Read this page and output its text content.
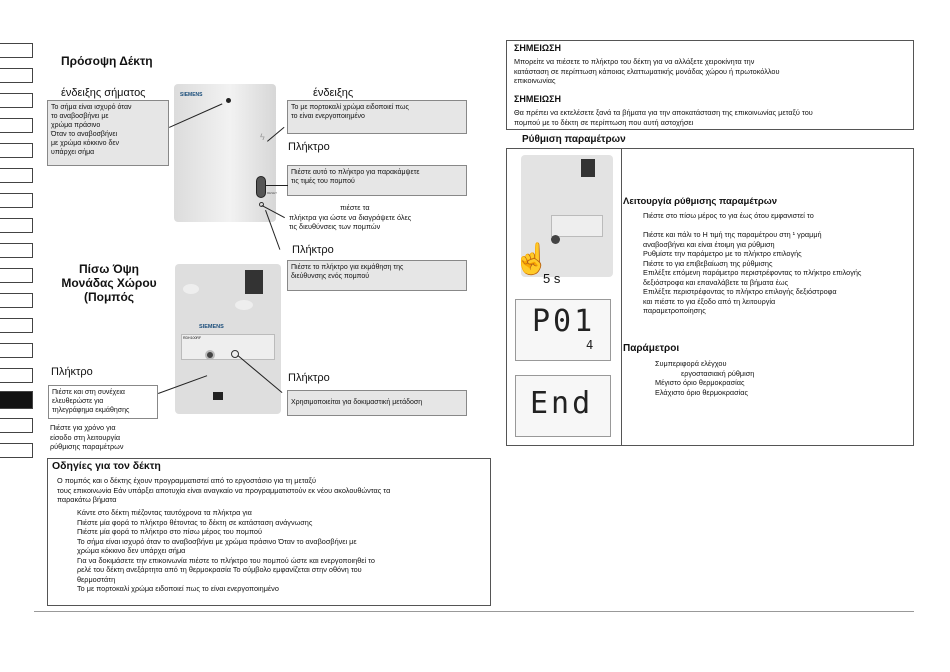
Πρόσοψη Δέκτη
SIEMENS
ϟ
RESET
ένδειξης σήματος
Το σήμα είναι ισχυρό όταν
το αναβοσβήνει με
χρώμα πράσινο
Όταν το αναβοσβήνει
με χρώμα κόκκινο δεν
υπάρχει σήμα
ένδειξης
Το με πορτοκαλί χρώμα ειδοποιεί πως
το είναι ενεργοποιημένο
Πλήκτρο
Πιέστε αυτό το πλήκτρο για παρακάμψετε
τις τιμές του πομπού
πιέστε τα
πλήκτρα για ώστε να διαγράψετε όλες
τις διευθύνσεις των πομπών
Πλήκτρο
Πιέστε το πλήκτρο για εκμάθηση της
διεύθυνσης ενός πομπού
Πίσω Όψη
Μονάδας Χώρου
(Πομπός
SIEMENS
RDH100RF
Πλήκτρο
Πιέστε και στη συνέχεια
ελευθερώστε για
τηλεγράφημα εκμάθησης
Πιέστε για χρόνο για
είσοδο στη λειτουργία
ρύθμισης παραμέτρων
Πλήκτρο
Χρησιμοποιείται για δοκιμαστική μετάδοση
Οδηγίες για τον δέκτη
Ο πομπός και ο δέκτης έχουν προγραμματιστεί από το εργοστάσιο για τη μεταξύ
τους επικοινωνία Εάν υπάρξει αποτυχία είναι αναγκαίο να προγραμματιστούν εκ νέου ακολουθώντας τα
παρακάτω βήματα
Κάντε στο δέκτη πιέζοντας ταυτόχρονα τα πλήκτρα για
Πιέστε μία φορά το πλήκτρο θέτοντας το δέκτη σε κατάσταση ανάγνωσης
Πιέστε μία φορά το πλήκτρο στο πίσω μέρος του πομπού
Το σήμα είναι ισχυρό όταν το αναβοσβήνει με χρώμα πράσινο Όταν το αναβοσβήνει με
χρώμα κόκκινο δεν υπάρχει σήμα
Για να δοκιμάσετε την επικοινωνία πιέστε το πλήκτρο του πομπού ώστε και ενεργοποιηθεί το
ρελέ του δέκτη ανεξάρτητα από τη θερμοκρασία Το σύμβολο εμφανίζεται στην οθόνη του
θερμοστάτη
Το με πορτοκαλί χρώμα ειδοποιεί πως το είναι ενεργοποιημένο
ΣΗΜΕΙΩΣΗ
Μπορείτε να πιέσετε το πλήκτρο του δέκτη για να αλλάξετε χειροκίνητα την
κατάσταση σε περίπτωση κάποιας ελαττωματικής μονάδας χώρου ή πρωτοκόλλου
επικοινωνίας
ΣΗΜΕΙΩΣΗ
Θα πρέπει να εκτελέσετε ξανά τα βήματα για την αποκατάσταση της επικοινωνίας μεταξύ του
πομπού με το δέκτη σε περίπτωση που αυτή αστοχήσει
Ρύθμιση παραμέτρων
☝
5 s
P01
4
End
Λειτουργία ρύθμισης παραμέτρων
Πιέστε στο πίσω μέρος το για έως ότου εμφανιστεί το
Πιέστε και πάλι το Η τιμή της παραμέτρου στη ¹ γραμμή
αναβοσβήνει και είναι έτοιμη για ρύθμιση
Ρυθμίστε την παράμετρο με το πλήκτρο επιλογής
Πιέστε το για επιβεβαίωση της ρύθμισης
Επιλέξτε επόμενη παράμετρο περιστρέφοντας το πλήκτρο επιλογής
δεξιόστροφα και επαναλάβετε τα βήματα έως
Επιλέξτε περιστρέφοντας το πλήκτρο επιλογής δεξιόστροφα
και πιέστε το για έξοδο από τη λειτουργία
παραμετροποίησης
Παράμετροι
Συμπεριφορά ελέγχου
εργοστασιακή ρύθμιση
Μέγιστο όριο θερμοκρασίας
Ελάχιστο όριο θερμοκρασίας
